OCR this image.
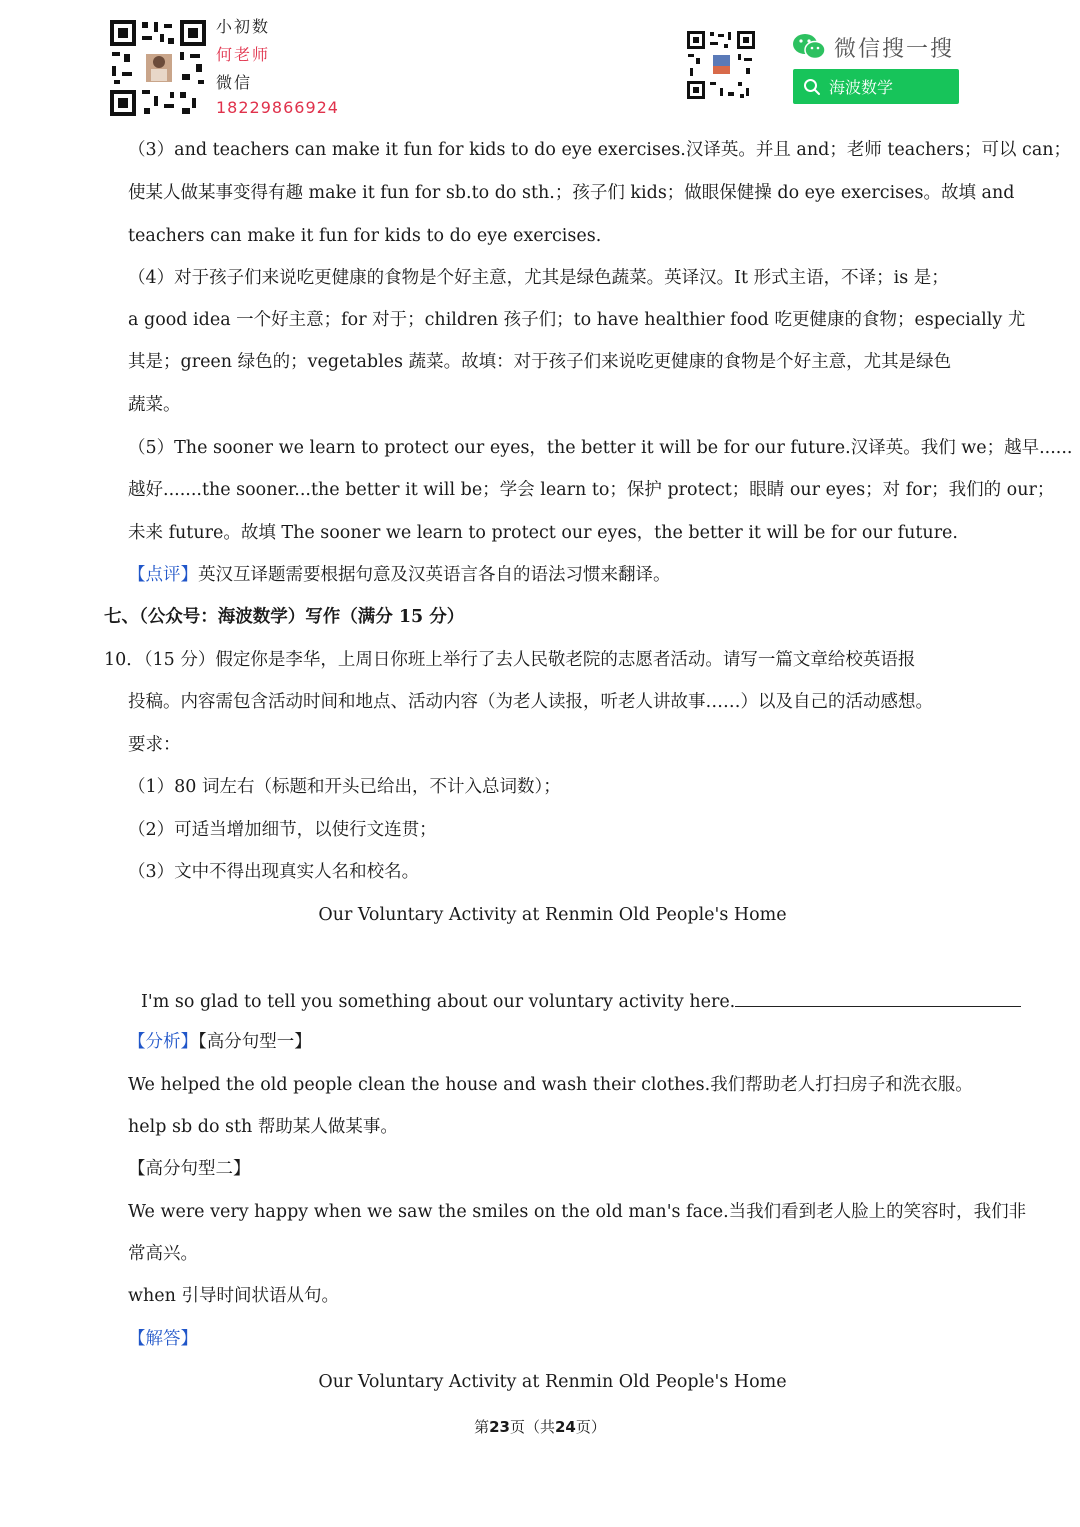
小初数
何老师
微信
18229866924
微信搜一搜
海波数学
（3）and teachers can make it fun for kids to do eye exercises.汉译英。并且 and；老师 teachers；可以 can；
使某人做某事变得有趣 make it fun for sb.to do sth.；孩子们 kids；做眼保健操 do eye exercises。故填 and
teachers can make it fun for kids to do eye exercises.
（4）对于孩子们来说吃更健康的食物是个好主意，尤其是绿色蔬菜。英译汉。It 形式主语，不译；is 是；
a good idea 一个好主意；for 对于；children 孩子们；to have healthier food 吃更健康的食物；especially 尤
其是；green 绿色的；vegetables 蔬菜。故填：对于孩子们来说吃更健康的食物是个好主意，尤其是绿色
蔬菜。
（5）The sooner we learn to protect our eyes，the better it will be for our future.汉译英。我们 we；越早......
越好.......the sooner...the better it will be；学会 learn to；保护 protect；眼睛 our eyes；对 for；我们的 our；
未来 future。故填 The sooner we learn to protect our eyes，the better it will be for our future.
【点评】英汉互译题需要根据句意及汉英语言各自的语法习惯来翻译。
七、（公众号：海波数学）写作（满分 15 分）
10．（15 分）假定你是李华，上周日你班上举行了去人民敬老院的志愿者活动。请写一篇文章给校英语报
投稿。内容需包含活动时间和地点、活动内容（为老人读报，听老人讲故事……）以及自己的活动感想。
要求：
（1）80 词左右（标题和开头已给出，不计入总词数）；
（2）可适当增加细节，以使行文连贯；
（3）文中不得出现真实人名和校名。
Our Voluntary Activity at Renmin Old People's Home
I'm so glad to tell you something about our voluntary activity here.
【分析】【高分句型一】
We helped the old people clean the house and wash their clothes.我们帮助老人打扫房子和洗衣服。
help sb do sth 帮助某人做某事。
【高分句型二】
We were very happy when we saw the smiles on the old man's face.当我们看到老人脸上的笑容时，我们非
常高兴。
when 引导时间状语从句。
【解答】
Our Voluntary Activity at Renmin Old People's Home
第23页（共24页）
